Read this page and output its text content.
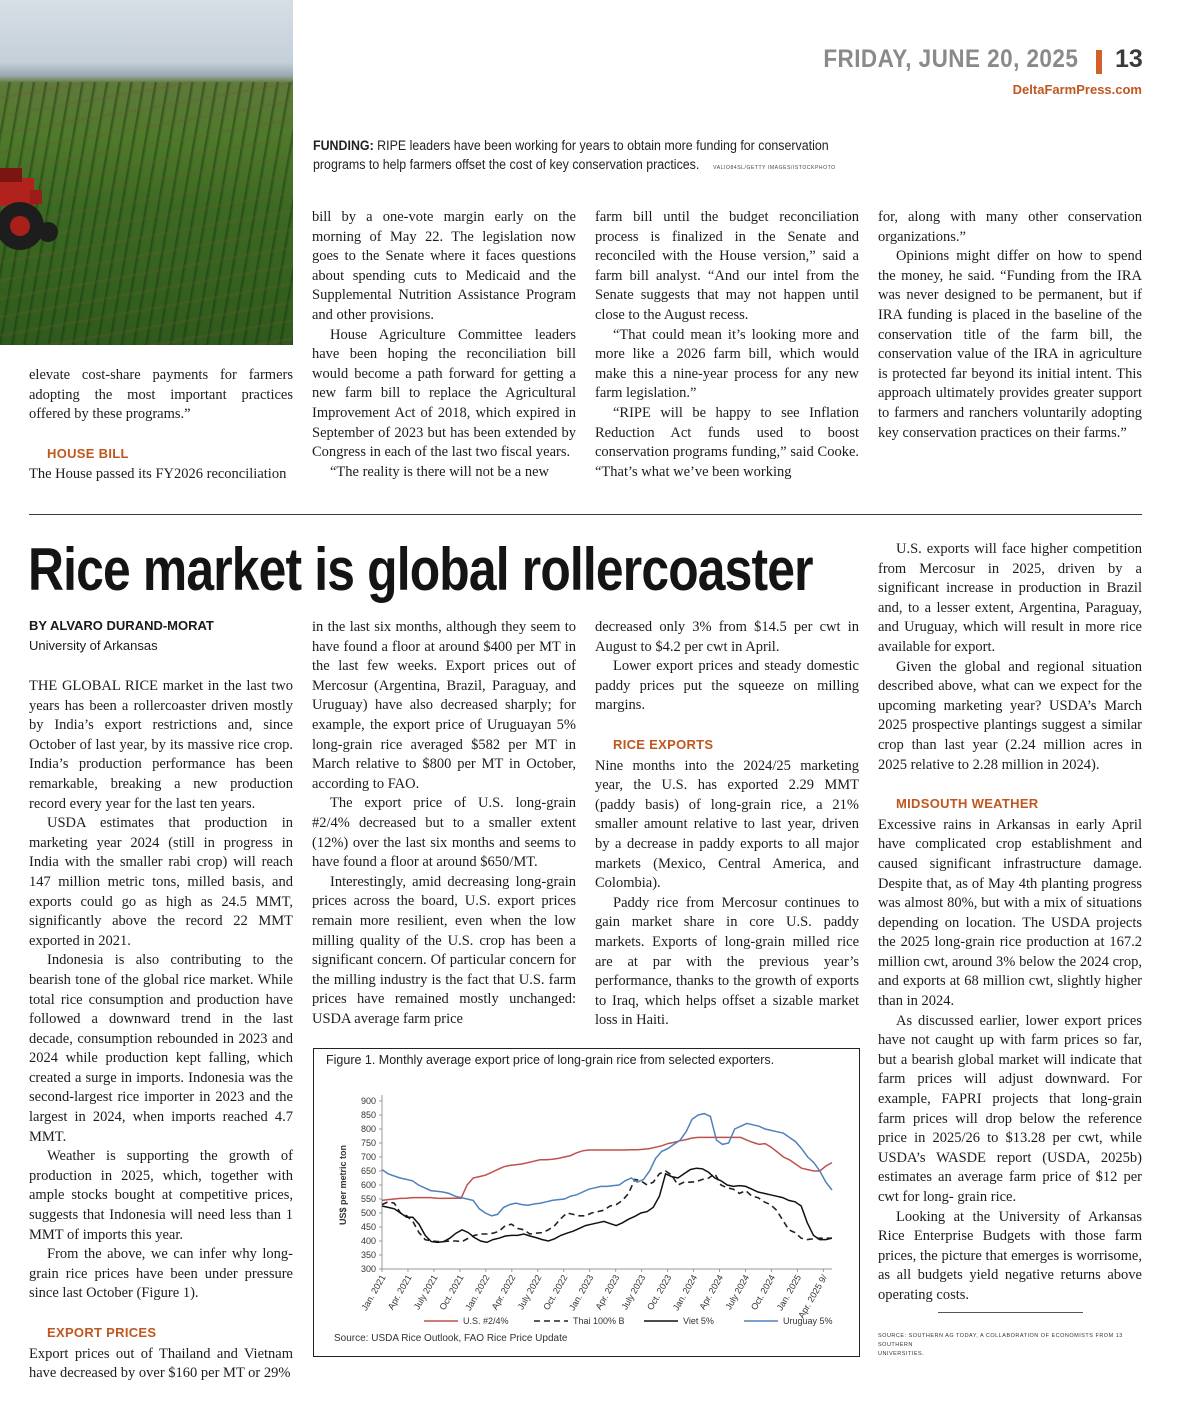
FRIDAY, JUNE 20, 2025 13
DeltaFarmPress.com
FUNDING: RIPE leaders have been working for years to obtain more funding for conservation
programs to help farmers offset the cost of key conservation practices.	VALIO84SL/GETTY IMAGES/ISTOCKPHOTO

elevate cost-share payments for farmers adopting the most important practices offered by these programs.”

HOUSE BILL

The House passed its FY2026 reconciliation

bill by a one-vote margin early on the morning of May 22. The legislation now goes to the Senate where it faces questions about spending cuts to Medicaid and the Supplemental Nutrition Assistance Program and other provisions.

House Agriculture Committee leaders have been hoping the reconciliation bill would become a path forward for getting a new farm bill to replace the Agricultural Improvement Act of 2018, which expired in September of 2023 but has been extended by Congress in each of the last two fiscal years.

“The reality is there will not be a new

farm bill until the budget reconciliation process is finalized in the Senate and reconciled with the House version,” said a farm bill analyst. “And our intel from the Senate suggests that may not happen until close to the August recess.

“That could mean it’s looking more and more like a 2026 farm bill, which would make this a nine-year process for any new farm legislation.”

“RIPE will be happy to see Inflation Reduction Act funds used to boost conservation programs funding,” said Cooke. “That’s what we’ve been working

for, along with many other conservation organizations.”

Opinions might differ on how to spend the money, he said. “Funding from the IRA was never designed to be permanent, but if IRA funding is placed in the baseline of the conservation title of the farm bill, the conservation value of the IRA in agriculture is protected far beyond its initial intent. This approach ultimately provides greater support to farmers and ranchers voluntarily adopting key conservation practices on their farms.”

Rice market is global rollercoaster
BY ALVARO DURAND-MORAT
University of Arkansas

THE GLOBAL RICE market in the last two years has been a rollercoaster driven mostly by India’s export restrictions and, since October of last year, by its massive rice crop. India’s production performance has been remarkable, breaking a new production record every year for the last ten years.

USDA estimates that production in marketing year 2024 (still in progress in India with the smaller rabi crop) will reach 147 million metric tons, milled basis, and exports could go as high as 24.5 MMT, significantly above the record 22 MMT exported in 2021.

Indonesia is also contributing to the bearish tone of the global rice market. While total rice consumption and production have followed a downward trend in the last decade, consumption rebounded in 2023 and 2024 while production kept falling, which created a surge in imports. Indonesia was the second-largest rice importer in 2023 and the largest in 2024, when imports reached 4.7 MMT.

Weather is supporting the growth of production in 2025, which, together with ample stocks bought at competitive prices, suggests that Indonesia will need less than 1 MMT of imports this year.

From the above, we can infer why long-grain rice prices have been under pressure since last October (Figure 1).

EXPORT PRICES

Export prices out of Thailand and Vietnam have decreased by over $160 per MT or 29%

in the last six months, although they seem to have found a floor at around $400 per MT in the last few weeks. Export prices out of Mercosur (Argentina, Brazil, Paraguay, and Uruguay) have also decreased sharply; for example, the export price of Uruguayan 5% long-grain rice averaged $582 per MT in March relative to $800 per MT in October, according to FAO.

The export price of U.S. long-grain #2/4% decreased but to a smaller extent (12%) over the last six months and seems to have found a floor at around $650/MT.

Interestingly, amid decreasing long-grain prices across the board, U.S. export prices remain more resilient, even when the low milling quality of the U.S. crop has been a significant concern. Of particular concern for the milling industry is the fact that U.S. farm prices have remained mostly unchanged: USDA average farm price

decreased only 3% from $14.5 per cwt in August to $4.2 per cwt in April.

Lower export prices and steady domestic paddy prices put the squeeze on milling margins.

RICE EXPORTS

Nine months into the 2024/25 marketing year, the U.S. has exported 2.29 MMT (paddy basis) of long-grain rice, a 21% smaller amount relative to last year, driven by a decrease in paddy exports to all major markets (Mexico, Central America, and Colombia).

Paddy rice from Mercosur continues to gain market share in core U.S. paddy markets. Exports of long-grain milled rice are at par with the previous year’s performance, thanks to the growth of exports to Iraq, which helps offset a sizable market loss in Haiti.

U.S. exports will face higher competition from Mercosur in 2025, driven by a significant increase in production in Brazil and, to a lesser extent, Argentina, Paraguay, and Uruguay, which will result in more rice available for export.

Given the global and regional situation described above, what can we expect for the upcoming marketing year? USDA’s March 2025 prospective plantings suggest a similar crop than last year (2.24 million acres in 2025 relative to 2.28 million in 2024).

MIDSOUTH WEATHER

Excessive rains in Arkansas in early April have complicated crop establishment and caused significant infrastructure damage. Despite that, as of May 4th planting progress was almost 80%, but with a mix of situations depending on location. The USDA projects the 2025 long-grain rice production at 167.2 million cwt, around 3% below the 2024 crop, and exports at 68 million cwt, slightly higher than in 2024.

As discussed earlier, lower export prices have not caught up with farm prices so far, but a bearish global market will indicate that farm prices will adjust downward. For example, FAPRI projects that long-grain farm prices will drop below the reference price in 2025/26 to $13.28 per cwt, while USDA’s WASDE report (USDA, 2025b) estimates an average farm price of $12 per cwt for long- grain rice.

Looking at the University of Arkansas Rice Enterprise Budgets with those farm prices, the picture that emerges is worrisome, as all budgets yield negative returns above operating costs.

SOURCE: SOUTHERN AG TODAY, A COLLABORATION OF ECONOMISTS FROM 13 SOUTHERN
UNIVERSITIES.
Figure 1. Monthly average export price of long-grain rice from selected exporters.
300
350
400
450
500
550
600
650
700
750
800
850
900
US$ per metric ton
Jan. 2021
Apr. 2021
July 2021
Oct. 2021
Jan. 2022
Apr. 2022
July 2022
Oct. 2022
Jan. 2023
Apr. 2023
July 2023
Oct. 2023
Jan. 2024
Apr. 2024
July 2024
Oct. 2024
Jan. 2025
Apr. 2025 9/
U.S. #2/4%	Thai 100% B	Viet 5%	Uruguay 5%
Source: USDA Rice Outlook, FAO Rice Price Update
